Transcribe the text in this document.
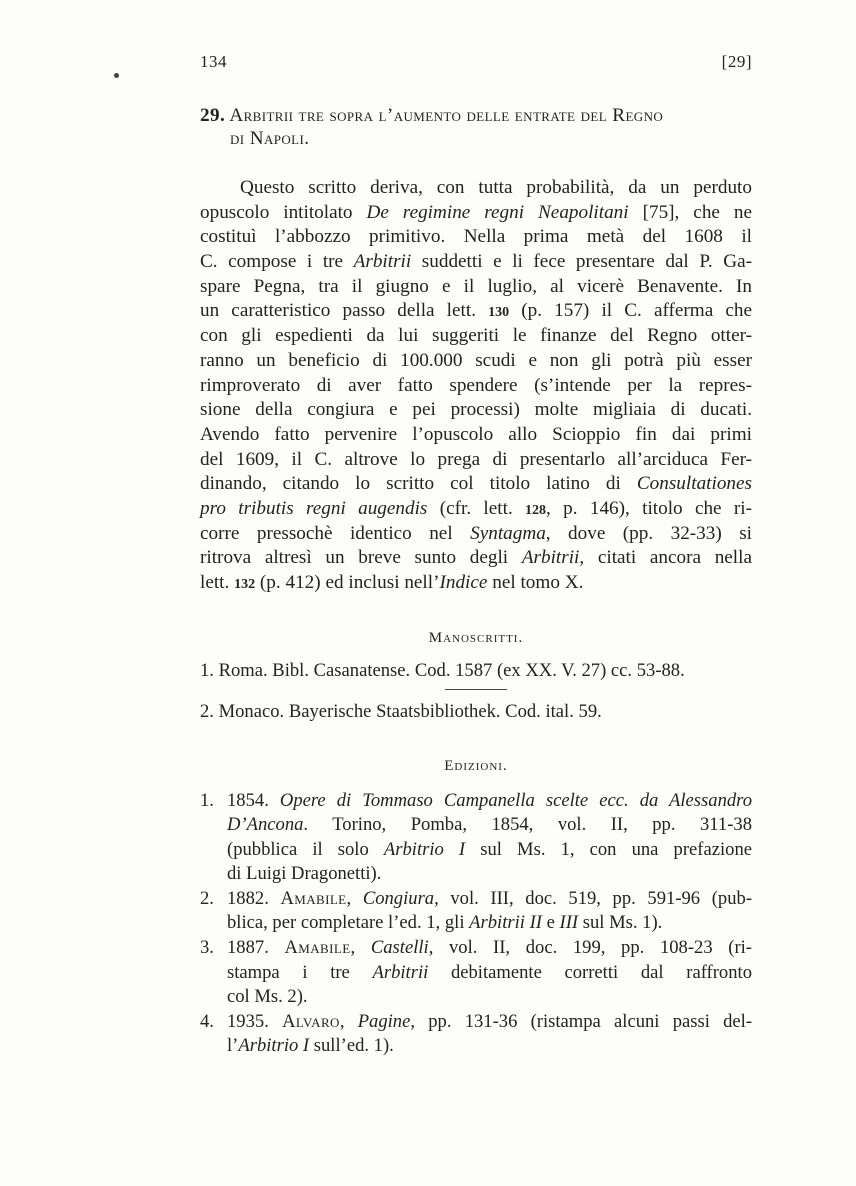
134	[29]

29. Arbitrii tre sopra l’aumento delle entrate del Regno
di Napoli.

Questo scritto deriva, con tutta probabilità, da un perduto
opuscolo intitolato De regimine regni Neapolitani [75], che ne
costituì l’abbozzo primitivo. Nella prima metà del 1608 il
C. compose i tre Arbitrii suddetti e li fece presentare dal P. Ga-
spare Pegna, tra il giugno e il luglio, al vicerè Benavente. In
un caratteristico passo della lett. 130 (p. 157) il C. afferma che
con gli espedienti da lui suggeriti le finanze del Regno otter-
ranno un beneficio di 100.000 scudi e non gli potrà più esser
rimproverato di aver fatto spendere (s’intende per la repres-
sione della congiura e pei processi) molte migliaia di ducati.
Avendo fatto pervenire l’opuscolo allo Scioppio fin dai primi
del 1609, il C. altrove lo prega di presentarlo all’arciduca Fer-
dinando, citando lo scritto col titolo latino di Consultationes
pro tributis regni augendis (cfr. lett. 128, p. 146), titolo che ri-
corre pressochè identico nel Syntagma, dove (pp. 32-33) si
ritrova altresì un breve sunto degli Arbitrii, citati ancora nella
lett. 132 (p. 412) ed inclusi nell’Indice nel tomo X.

Manoscritti.

1. Roma. Bibl. Casanatense. Cod. 1587 (ex XX. V. 27) cc. 53-88.

2. Monaco. Bayerische Staatsbibliothek. Cod. ital. 59.

Edizioni.

1. 1854. Opere di Tommaso Campanella scelte ecc. da Alessandro
D’Ancona. Torino, Pomba, 1854, vol. II, pp. 311-38
(pubblica il solo Arbitrio I sul Ms. 1, con una prefazione
di Luigi Dragonetti).
2. 1882. Amabile, Congiura, vol. III, doc. 519, pp. 591-96 (pub-
blica, per completare l’ed. 1, gli Arbitrii II e III sul Ms. 1).
3. 1887. Amabile, Castelli, vol. II, doc. 199, pp. 108-23 (ri-
stampa i tre Arbitrii debitamente corretti dal raffronto
col Ms. 2).
4. 1935. Alvaro, Pagine, pp. 131-36 (ristampa alcuni passi del-
l’Arbitrio I sull’ed. 1).
